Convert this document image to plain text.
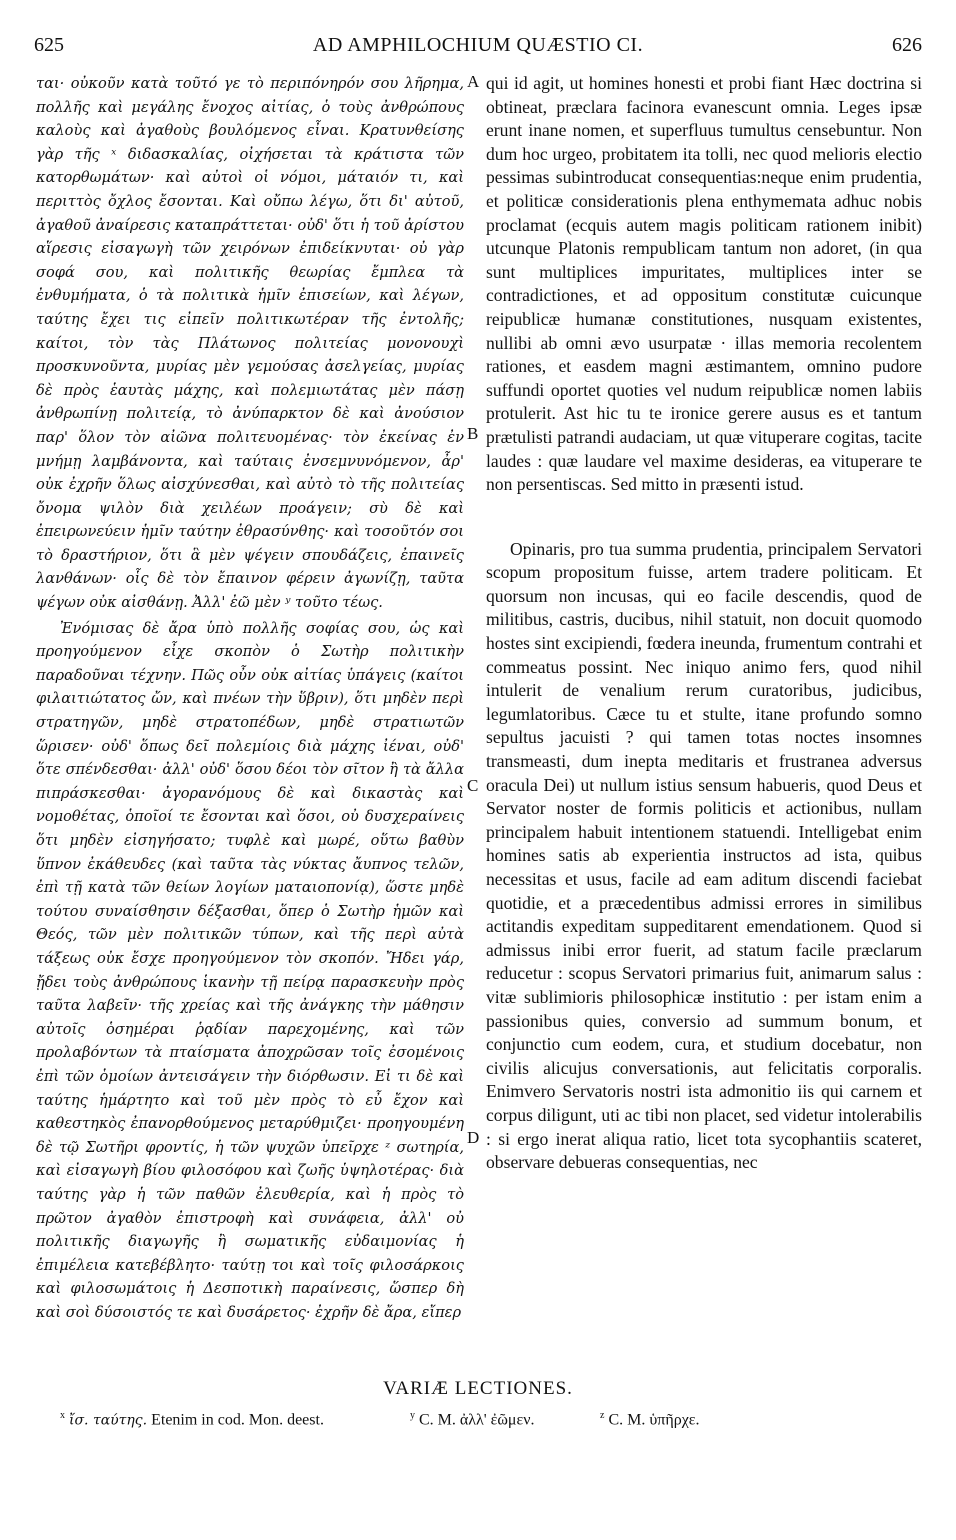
625	AD AMPHILOCHIUM QUÆSTIO CI.	626

ται· οὐκοῦν κατὰ τοῦτό γε τὸ περιπόνηρόν σου λῆρημα, πολλῆς καὶ μεγάλης ἔνοχος αἰτίας, ὁ τοὺς ἀνθρώπους καλοὺς καὶ ἀγαθοὺς βουλόμενος εἶναι. Κρατυνθείσης γὰρ τῆς ˣ διδασκαλίας, οἰχήσεται τὰ κράτιστα τῶν κατορθωμάτων· καὶ αὐτοὶ οἱ νόμοι, μάταιόν τι, καὶ περιττὸς ὄχλος ἔσονται. Καὶ οὔπω λέγω, ὅτι δι' αὐτοῦ, ἀγαθοῦ ἀναίρεσις καταπράττεται· οὐδ' ὅτι ἡ τοῦ ἀρίστου αἵρεσις εἰσαγωγὴ τῶν χειρόνων ἐπιδείκνυται· οὐ γὰρ σοφά σου, καὶ πολιτικῆς θεωρίας ἔμπλεα τὰ ἐνθυμήματα, ὁ τὰ πολιτικὰ ἡμῖν ἐπισείων, καὶ λέγων, ταύτης ἔχει τις εἰπεῖν πολιτικωτέραν τῆς ἐντολῆς; καίτοι, τὸν τὰς Πλάτωνος πολιτείας μονονουχὶ προσκυνοῦντα, μυρίας μὲν γεμούσας ἀσελγείας, μυρίας δὲ πρὸς ἑαυτὰς μάχης, καὶ πολεμιωτάτας μὲν πάσῃ ἀνθρωπίνῃ πολιτείᾳ, τὸ ἀνύπαρκτον δὲ καὶ ἀνούσιον παρ' ὅλον τὸν αἰῶνα πολιτευομένας· τὸν ἐκείνας ἐν μνήμῃ λαμβάνοντα, καὶ ταύταις ἐνσεμνυνόμενον, ἆρ' οὐκ ἐχρῆν ὅλως αἰσχύνεσθαι, καὶ αὐτὸ τὸ τῆς πολιτείας ὄνομα ψιλὸν διὰ χειλέων προάγειν; σὺ δὲ καὶ ἐπειρωνεύειν ἡμῖν ταύτην ἐθρασύνθης· καὶ τοσοῦτόν σοι τὸ δραστήριον, ὅτι ἃ μὲν ψέγειν σπουδάζεις, ἐπαινεῖς λανθάνων· οἷς δὲ τὸν ἔπαινον φέρειν ἀγωνίζῃ, ταῦτα ψέγων οὐκ αἰσθάνῃ. Ἀλλ' ἐῶ μὲν ʸ τοῦτο τέως.

Ἐνόμισας δὲ ἄρα ὑπὸ πολλῆς σοφίας σου, ὡς καὶ προηγούμενον εἶχε σκοπὸν ὁ Σωτὴρ πολιτικὴν παραδοῦναι τέχνην. Πῶς οὖν οὐκ αἰτίας ὑπάγεις (καίτοι φιλαιτιώτατος ὤν, καὶ πνέων τὴν ὕβριν), ὅτι μηδὲν περὶ στρατηγῶν, μηδὲ στρατοπέδων, μηδὲ στρατιωτῶν ὥρισεν· οὐδ' ὅπως δεῖ πολεμίοις διὰ μάχης ἰέναι, οὐδ' ὅτε σπένδεσθαι· ἀλλ' οὐδ' ὅσου δέοι τὸν σῖτον ἢ τὰ ἄλλα πιπράσκεσθαι· ἀγορανόμους δὲ καὶ δικαστὰς καὶ νομοθέτας, ὁποῖοί τε ἔσονται καὶ ὅσοι, οὐ δυσχεραίνεις ὅτι μηδὲν εἰσηγήσατο; τυφλὲ καὶ μωρέ, οὕτω βαθὺν ὕπνον ἐκάθευδες (καὶ ταῦτα τὰς νύκτας ἄυπνος τελῶν, ἐπὶ τῇ κατὰ τῶν θείων λογίων ματαιοπονίᾳ), ὥστε μηδὲ τούτου συναίσθησιν δέξασθαι, ὅπερ ὁ Σωτὴρ ἡμῶν καὶ Θεός, τῶν μὲν πολιτικῶν τύπων, καὶ τῆς περὶ αὐτὰ τάξεως οὐκ ἔσχε προηγούμενον τὸν σκοπόν. Ἤδει γάρ, ᾔδει τοὺς ἀνθρώπους ἱκανὴν τῇ πείρᾳ παρασκευὴν πρὸς ταῦτα λαβεῖν· τῆς χρείας καὶ τῆς ἀνάγκης τὴν μάθησιν αὐτοῖς ὁσημέραι ῥᾳδίαν παρεχομένης, καὶ τῶν προλαβόντων τὰ πταίσματα ἀποχρῶσαν τοῖς ἐσομένοις ἐπὶ τῶν ὁμοίων ἀντεισάγειν τὴν διόρθωσιν. Εἰ τι δὲ καὶ ταύτης ἡμάρτητο καὶ τοῦ μὲν πρὸς τὸ εὖ ἔχον καὶ καθεστηκὸς ἐπανορθούμενος μεταρύθμιζει· προηγουμένη δὲ τῷ Σωτῆρι φροντίς, ἡ τῶν ψυχῶν ὑπεῖρχε ᶻ σωτηρία, καὶ εἰσαγωγὴ βίου φιλοσόφου καὶ ζωῆς ὑψηλοτέρας· διὰ ταύτης γὰρ ἡ τῶν παθῶν ἐλευθερία, καὶ ἡ πρὸς τὸ πρῶτον ἀγαθὸν ἐπιστροφὴ καὶ συνάφεια, ἀλλ' οὐ πολιτικῆς διαγωγῆς ἢ σωματικῆς εὐδαιμονίας ἡ ἐπιμέλεια κατεβέβλητο· ταύτῃ τοι καὶ τοῖς φιλοσάρκοις καὶ φιλοσωμάτοις ἡ Δεσποτικὴ παραίνεσις, ὥσπερ δὴ καὶ σοὶ δύσοιστός τε καὶ δυσάρετος· ἐχρῆν δὲ ἄρα, εἴπερ

A
B
C
D

qui id agit, ut homines honesti et probi fiant Hæc doctrina si obtineat, præclara facinora evanescunt omnia. Leges ipsæ erunt inane nomen, et superfluus tumultus censebuntur. Non dum hoc urgeo, probitatem ita tolli, nec quod melioris electio pessimas subintroducat consequentias:neque enim prudentia, et politicæ considerationis plena enthymemata adhuc nobis proclamat (ecquis autem magis politicam rationem inibit) utcunque Platonis rempublicam tantum non adoret, (in qua sunt multiplices impuritates, multiplices inter se contradictiones, et ad oppositum constitutæ cuicunque reipublicæ humanæ constitutiones, nusquam existentes, nullibi ab omni ævo usurpatæ · illas memoria recolentem rationes, et easdem magni æstimantem, omnino pudore suffundi oportet quoties vel nudum reipublicæ nomen labiis protulerit. Ast hic tu te ironice gerere ausus es et tantum prætulisti patrandi audaciam, ut quæ vituperare cogitas, tacite laudes : quæ laudare vel maxime desideras, ea vituperare te non persentiscas. Sed mitto in præsenti istud.

Opinaris, pro tua summa prudentia, principalem Servatori scopum propositum fuisse, artem tradere politicam. Et quorsum non incusas, qui eo facile descendis, quod de militibus, castris, ducibus, nihil statuit, non docuit quomodo hostes sint excipiendi, fœdera ineunda, frumentum contrahi et commeatus possint. Nec iniquo animo fers, quod nihil intulerit de venalium rerum curatoribus, judicibus, legumlatoribus. Cæce tu et stulte, itane profundo somno sepultus jacuisti ? qui tamen totas noctes insomnes transmeasti, dum inepta meditaris et frustranea adversus oracula Dei) ut nullum istius sensum habueris, quod Deus et Servator noster de formis politicis et actionibus, nullam principalem habuit intentionem statuendi. Intelligebat enim homines satis ab experientia instructos ad ista, quibus necessitas et usus, facile ad eam aditum discendi faciebat quotidie, et a præcedentibus admissi errores in similibus actitandis expeditam suppeditarent emendationem. Quod si admissus inibi error fuerit, ad statum facile præclarum reducetur : scopus Servatori primarius fuit, animarum salus : vitæ sublimioris philosophicæ institutio : per istam enim a passionibus quies, conversio ad summum bonum, et conjunctio cum eodem, cura, et studium docebatur, non civilis alicujus conversationis, aut felicitatis corporalis. Enimvero Servatoris nostri ista admonitio iis qui carnem et corpus diligunt, uti ac tibi non placet, sed videtur intolerabilis : si ergo inerat aliqua ratio, licet tota sycophantiis scateret, observare debueras consequentias, nec

VARIÆ LECTIONES.
$^x$ ἴσ. ταύτης. Etenim in cod. Mon. deest.	$^y$ C. M. ἀλλ' ἐῶμεν.	$^z$ C. M. ὑπῆρχε.
